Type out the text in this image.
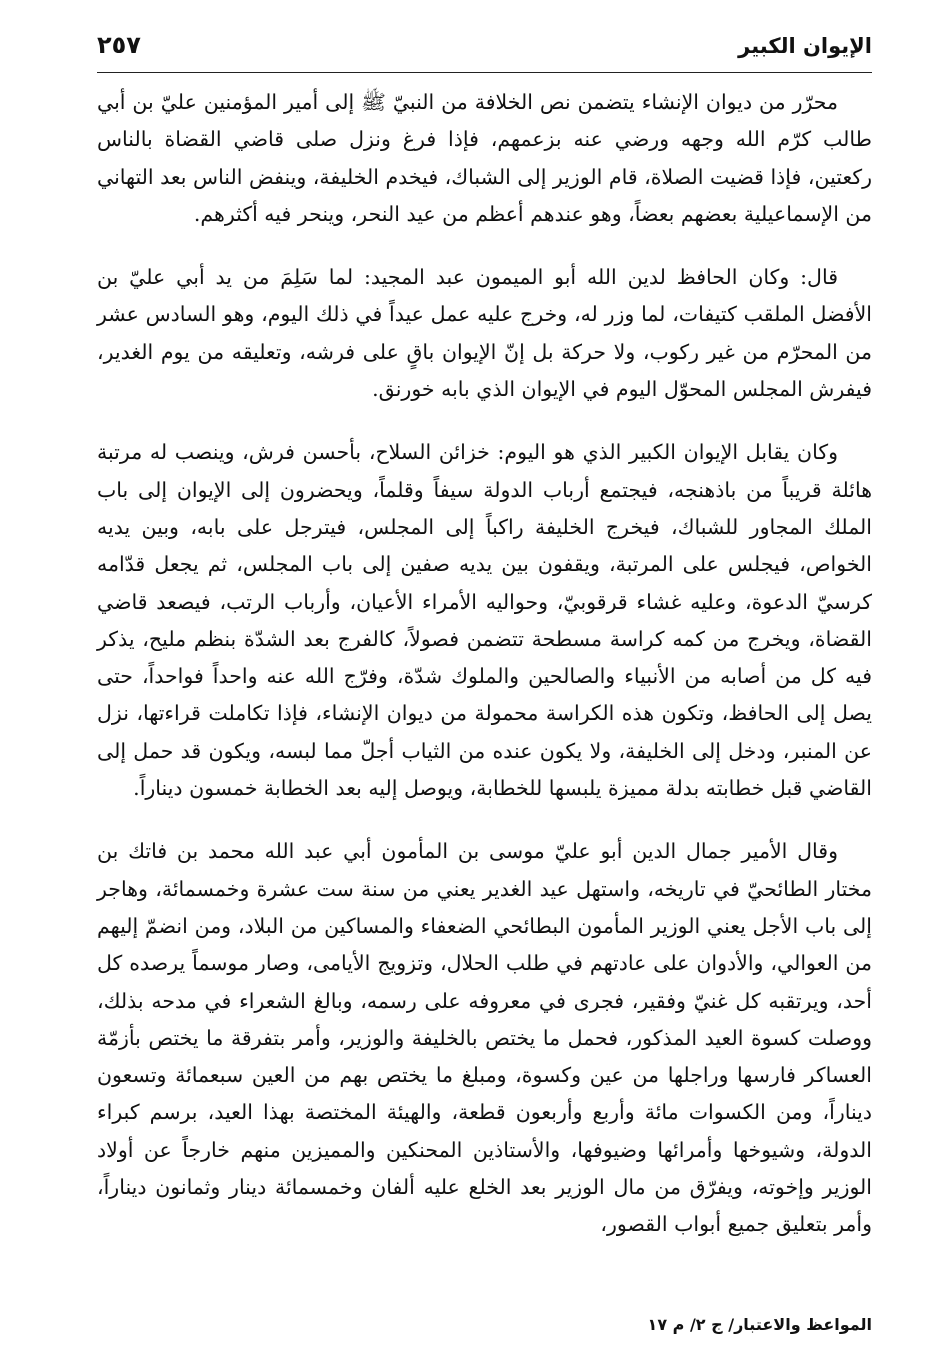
الإيوان الكبير
٢٥٧

محرّر من ديوان الإنشاء يتضمن نص الخلافة من النبيّ ﷺ إلى أمير المؤمنين عليّ بن أبي طالب كرّم الله وجهه ورضي عنه بزعمهم، فإذا فرغ ونزل صلى قاضي القضاة بالناس ركعتين، فإذا قضيت الصلاة، قام الوزير إلى الشباك، فيخدم الخليفة، وينفض الناس بعد التهاني من الإسماعيلية بعضهم بعضاً، وهو عندهم أعظم من عيد النحر، وينحر فيه أكثرهم.

قال: وكان الحافظ لدين الله أبو الميمون عبد المجيد: لما سَلِمَ من يد أبي عليّ بن الأفضل الملقب كتيفات، لما وزر له، وخرج عليه عمل عيداً في ذلك اليوم، وهو السادس عشر من المحرّم من غير ركوب، ولا حركة بل إنّ الإيوان باقٍ على فرشه، وتعليقه من يوم الغدير، فيفرش المجلس المحوّل اليوم في الإيوان الذي بابه خورنق.

وكان يقابل الإيوان الكبير الذي هو اليوم: خزائن السلاح، بأحسن فرش، وينصب له مرتبة هائلة قريباً من باذهنجه، فيجتمع أرباب الدولة سيفاً وقلماً، ويحضرون إلى الإيوان إلى باب الملك المجاور للشباك، فيخرج الخليفة راكباً إلى المجلس، فيترجل على بابه، وبين يديه الخواص، فيجلس على المرتبة، ويقفون بين يديه صفين إلى باب المجلس، ثم يجعل قدّامه كرسيّ الدعوة، وعليه غشاء قرقوبيّ، وحواليه الأمراء الأعيان، وأرباب الرتب، فيصعد قاضي القضاة، ويخرج من كمه كراسة مسطحة تتضمن فصولاً، كالفرج بعد الشدّة بنظم مليح، يذكر فيه كل من أصابه من الأنبياء والصالحين والملوك شدّة، وفرّج الله عنه واحداً فواحداً، حتى يصل إلى الحافظ، وتكون هذه الكراسة محمولة من ديوان الإنشاء، فإذا تكاملت قراءتها، نزل عن المنبر، ودخل إلى الخليفة، ولا يكون عنده من الثياب أجلّ مما لبسه، ويكون قد حمل إلى القاضي قبل خطابته بدلة مميزة يلبسها للخطابة، ويوصل إليه بعد الخطابة خمسون ديناراً.

وقال الأمير جمال الدين أبو عليّ موسى بن المأمون أبي عبد الله محمد بن فاتك بن مختار الطائحيّ في تاريخه، واستهل عيد الغدير يعني من سنة ست عشرة وخمسمائة، وهاجر إلى باب الأجل يعني الوزير المأمون البطائحي الضعفاء والمساكين من البلاد، ومن انضمّ إليهم من العوالي، والأدوان على عادتهم في طلب الحلال، وتزويج الأيامى، وصار موسماً يرصده كل أحد، ويرتقبه كل غنيّ وفقير، فجرى في معروفه على رسمه، وبالغ الشعراء في مدحه بذلك، ووصلت كسوة العيد المذكور، فحمل ما يختص بالخليفة والوزير، وأمر بتفرقة ما يختص بأزمّة العساكر فارسها وراجلها من عين وكسوة، ومبلغ ما يختص بهم من العين سبعمائة وتسعون ديناراً، ومن الكسوات مائة وأربع وأربعون قطعة، والهيئة المختصة بهذا العيد، برسم كبراء الدولة، وشيوخها وأمرائها وضيوفها، والأستاذين المحنكين والمميزين منهم خارجاً عن أولاد الوزير وإخوته، ويفرّق من مال الوزير بعد الخلع عليه ألفان وخمسمائة دينار وثمانون ديناراً، وأمر بتعليق جميع أبواب القصور،

المواعظ والاعتبار/ ج ٢/ م ١٧
